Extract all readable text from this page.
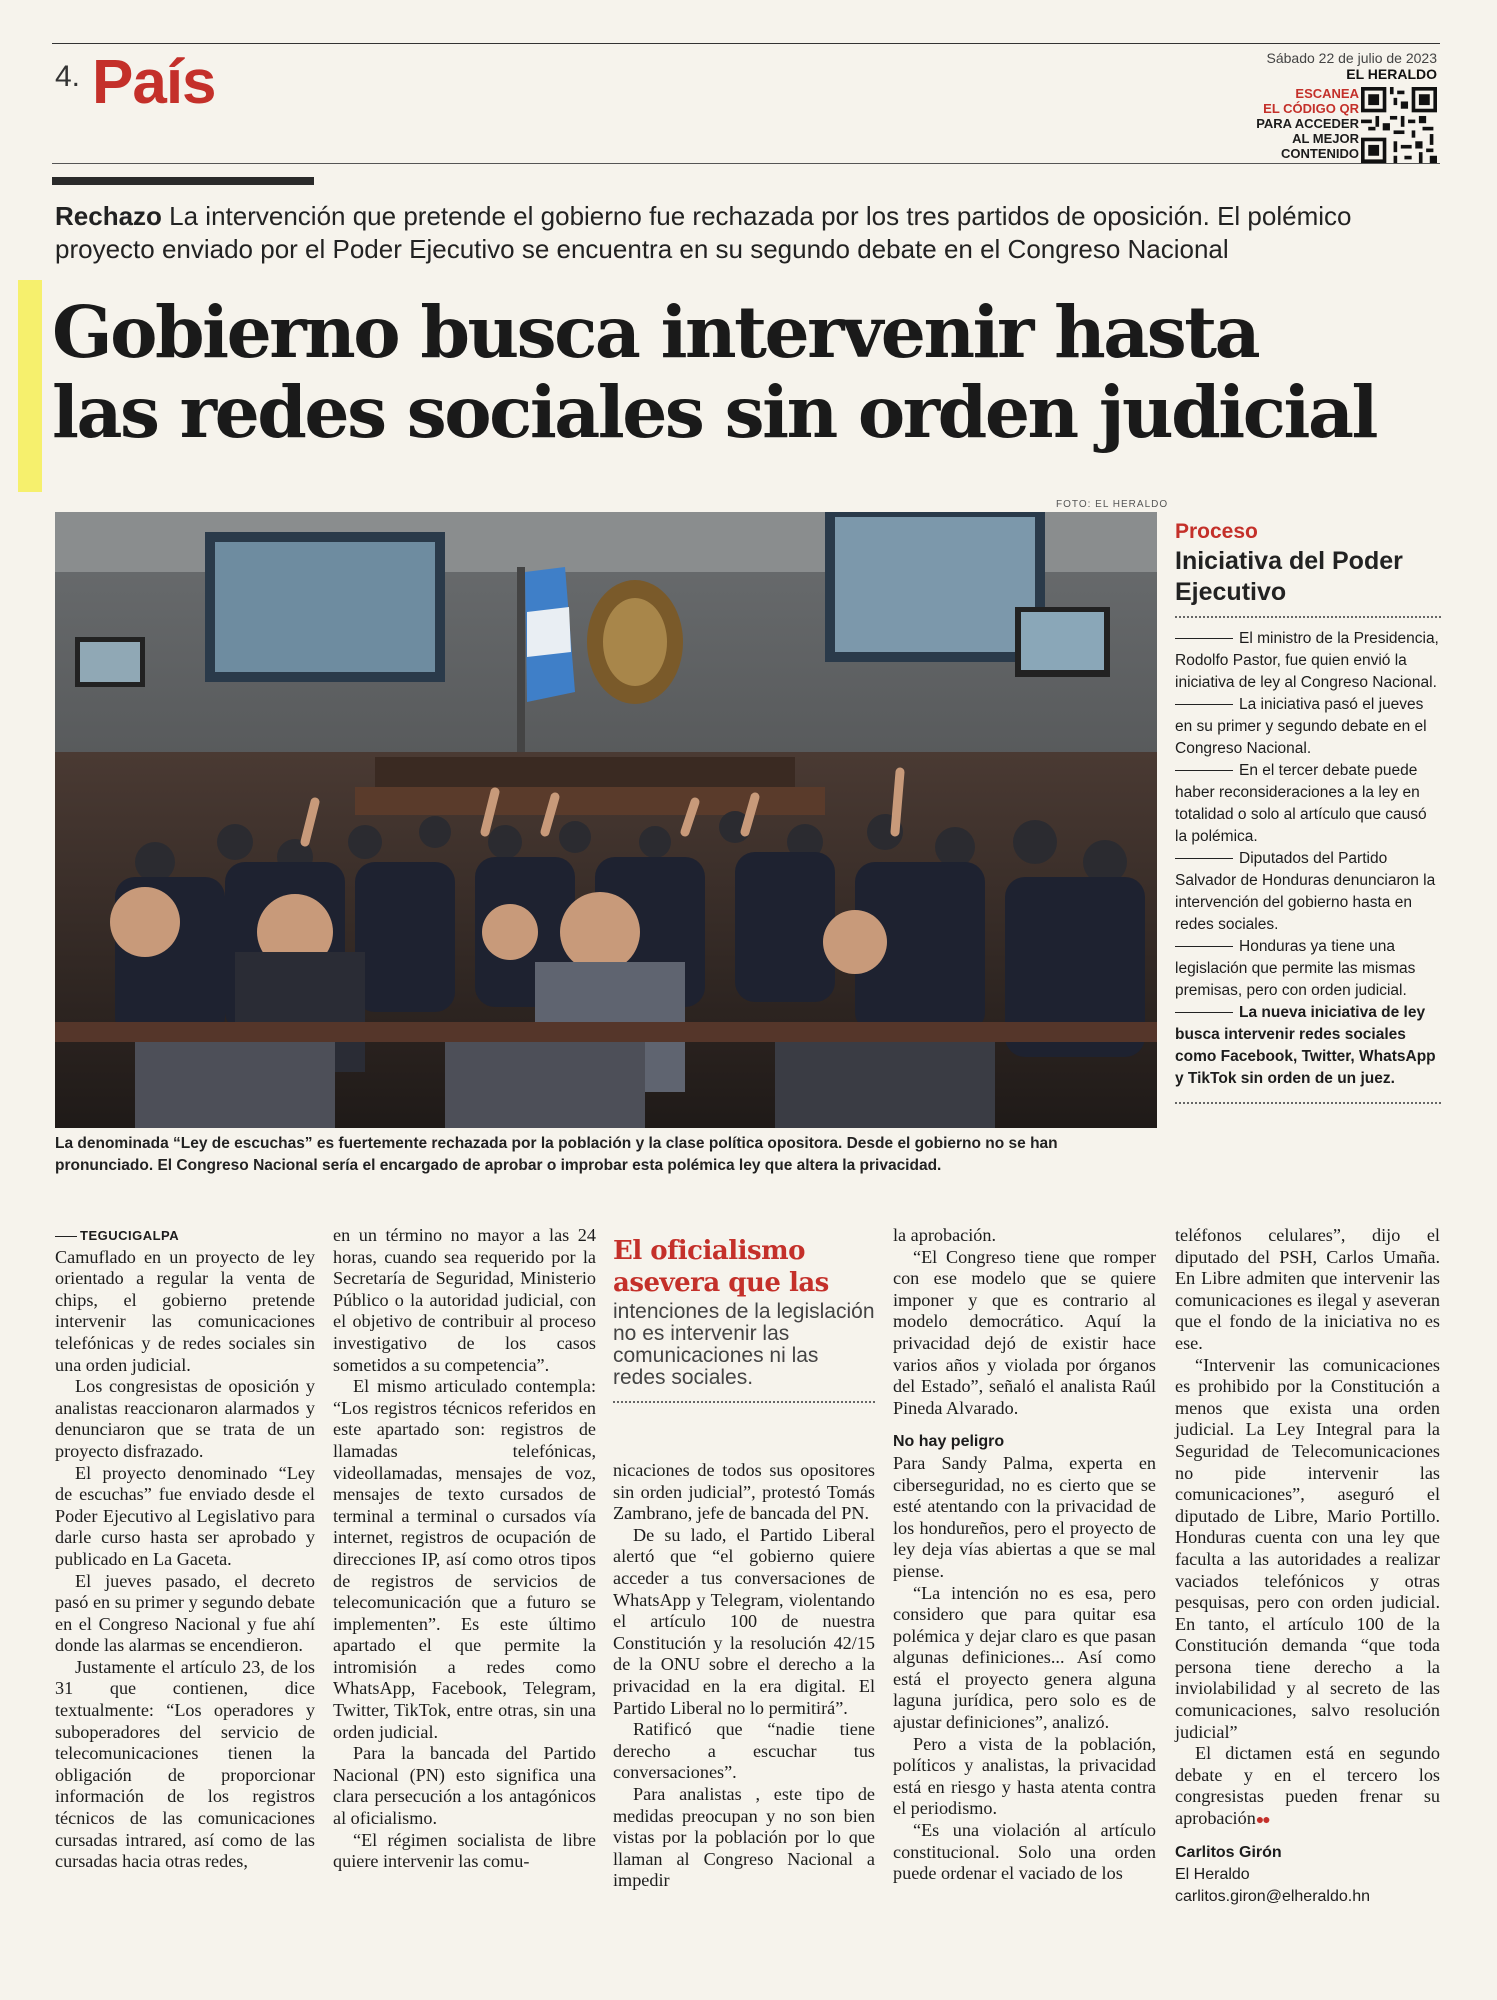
4. País	Sábado 22 de julio de 2023
EL HERALDO
ESCANEA
EL CÓDIGO QR
PARA ACCEDER
AL MEJOR
CONTENIDO
Rechazo La intervención que pretende el gobierno fue rechazada por los tres partidos de oposición. El polémico proyecto enviado por el Poder Ejecutivo se encuentra en su segundo debate en el Congreso Nacional
Gobierno busca intervenir hasta
las redes sociales sin orden judicial
FOTO: EL HERALDO
La denominada “Ley de escuchas” es fuertemente rechazada por la población y la clase política opositora. Desde el gobierno no se han pronunciado. El Congreso Nacional sería el encargado de aprobar o improbar esta polémica ley que altera la privacidad.
Proceso
Iniciativa del Poder Ejecutivo
El ministro de la Presidencia, Rodolfo Pastor, fue quien envió la iniciativa de ley al Congreso Nacional.
La iniciativa pasó el jueves en su primer y segundo debate en el Congreso Nacional.
En el tercer debate puede haber reconsideraciones a la ley en totalidad o solo al artículo que causó la polémica.
Diputados del Partido Salvador de Honduras denunciaron la intervención del gobierno hasta en redes sociales.
Honduras ya tiene una legislación que permite las mismas premisas, pero con orden judicial.
La nueva iniciativa de ley busca intervenir redes sociales como Facebook, Twitter, WhatsApp y TikTok sin orden de un juez.
TEGUCIGALPA

Camuflado en un proyecto de ley orientado a regular la venta de chips, el gobierno pretende intervenir las comunicaciones telefónicas y de redes sociales sin una orden judicial.

Los congresistas de oposición y analistas reaccionaron alarmados y denunciaron que se trata de un proyecto disfrazado.

El proyecto denominado “Ley de escuchas” fue enviado desde el Poder Ejecutivo al Legislativo para darle curso hasta ser aprobado y publicado en La Gaceta.

El jueves pasado, el decreto pasó en su primer y segundo debate en el Congreso Nacional y fue ahí donde las alarmas se encendieron.

Justamente el artículo 23, de los 31 que contienen, dice textualmente: “Los operadores y suboperadores del servicio de telecomunicaciones tienen la obligación de proporcionar información de los registros técnicos de las comunicaciones cursadas intrared, así como de las cursadas hacia otras redes,

en un término no mayor a las 24 horas, cuando sea requerido por la Secretaría de Seguridad, Ministerio Público o la autoridad judicial, con el objetivo de contribuir al proceso investigativo de los casos sometidos a su competencia”.

El mismo articulado contempla: “Los registros técnicos referidos en este apartado son: registros de llamadas telefónicas, videollamadas, mensajes de voz, mensajes de texto cursados de terminal a terminal o cursados vía internet, registros de ocupación de direcciones IP, así como otros tipos de registros de servicios de telecomunicación que a futuro se implementen”. Es este último apartado el que permite la intromisión a redes como WhatsApp, Facebook, Telegram, Twitter, TikTok, entre otras, sin una orden judicial.

Para la bancada del Partido Nacional (PN) esto significa una clara persecución a los antagónicos al oficialismo.

“El régimen socialista de libre quiere intervenir las comu-

El oficialismo asevera que las
intenciones de la legislación no es intervenir las comunicaciones ni las redes sociales.

nicaciones de todos sus opositores sin orden judicial”, protestó Tomás Zambrano, jefe de bancada del PN.

De su lado, el Partido Liberal alertó que “el gobierno quiere acceder a tus conversaciones de WhatsApp y Telegram, violentando el artículo 100 de nuestra Constitución y la resolución 42/15 de la ONU sobre el derecho a la privacidad en la era digital. El Partido Liberal no lo permitirá”.

Ratificó que “nadie tiene derecho a escuchar tus conversaciones”.

Para analistas , este tipo de medidas preocupan y no son bien vistas por la población por lo que llaman al Congreso Nacional a impedir

la aprobación.

“El Congreso tiene que romper con ese modelo que se quiere imponer y que es contrario al modelo democrático. Aquí la privacidad dejó de existir hace varios años y violada por órganos del Estado”, señaló el analista Raúl Pineda Alvarado.

No hay peligro

Para Sandy Palma, experta en ciberseguridad, no es cierto que se esté atentando con la privacidad de los hondureños, pero el proyecto de ley deja vías abiertas a que se mal piense.

“La intención no es esa, pero considero que para quitar esa polémica y dejar claro es que pasan algunas definiciones... Así como está el proyecto genera alguna laguna jurídica, pero solo es de ajustar definiciones”, analizó.

Pero a vista de la población, políticos y analistas, la privacidad está en riesgo y hasta atenta contra el periodismo.

“Es una violación al artículo constitucional. Solo una orden puede ordenar el vaciado de los

teléfonos celulares”, dijo el diputado del PSH, Carlos Umaña. En Libre admiten que intervenir las comunicaciones es ilegal y aseveran que el fondo de la iniciativa no es ese.

“Intervenir las comunicaciones es prohibido por la Constitución a menos que exista una orden judicial. La Ley Integral para la Seguridad de Telecomunicaciones no pide intervenir las comunicaciones”, aseguró el diputado de Libre, Mario Portillo. Honduras cuenta con una ley que faculta a las autoridades a realizar vaciados telefónicos y otras pesquisas, pero con orden judicial. En tanto, el artículo 100 de la Constitución demanda “que toda persona tiene derecho a la inviolabilidad y al secreto de las comunicaciones, salvo resolución judicial”

El dictamen está en segundo debate y en el tercero los congresistas pueden frenar su aprobación●●

Carlitos Girón
El Heraldo
carlitos.giron@elheraldo.hn
